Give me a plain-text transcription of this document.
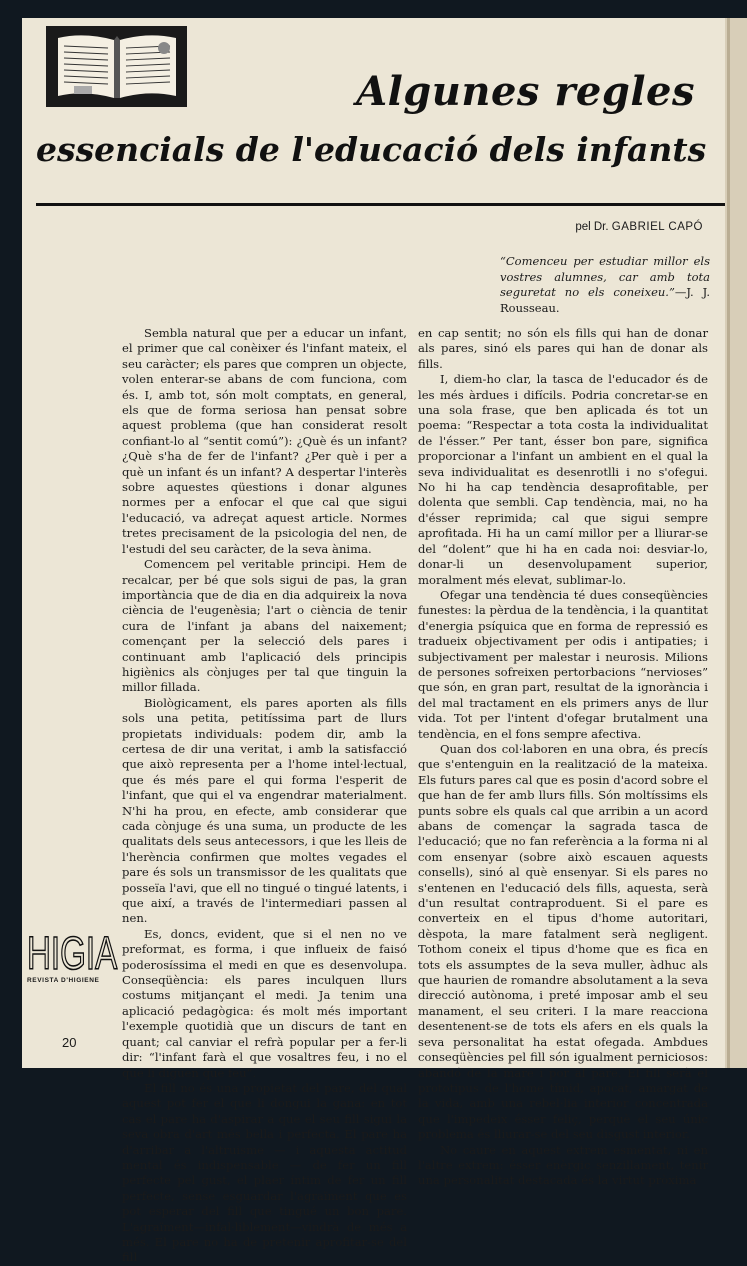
Algunes regles
essencials de l'educació dels infants
pel Dr. GABRIEL CAPÓ
“Comenceu per estudiar millor els vostres alumnes, car amb tota seguretat no els coneixeu.”—J. J. Rousseau.

Sembla natural que per a educar un infant, el primer que cal conèixer és l'infant mateix, el seu caràcter; els pares que compren un objecte, volen enterar-se abans de com funciona, com és. I, amb tot, són molt comptats, en general, els que de forma seriosa han pensat sobre aquest problema (que han considerat resolt confiant-lo al “sentit comú”): ¿Què és un infant? ¿Què s'ha de fer de l'infant? ¿Per què i per a què un infant és un infant? A despertar l'interès sobre aquestes qüestions i donar algunes normes per a enfocar el que cal que sigui l'educació, va adreçat aquest article. Normes tretes precisament de la psicologia del nen, de l'estudi del seu caràcter, de la seva ànima.

Comencem pel veritable principi. Hem de recalcar, per bé que sols sigui de pas, la gran importància que de dia en dia adquireix la nova ciència de l'eugenèsia; l'art o ciència de tenir cura de l'infant ja abans del naixement; començant per la selecció dels pares i continuant amb l'aplicació dels principis higiènics als cònjuges per tal que tinguin la millor fillada.

Biològicament, els pares aporten als fills sols una petita, petitíssima part de llurs propietats individuals: podem dir, amb la certesa de dir una veritat, i amb la satisfacció que això representa per a l'home intel·lectual, que és més pare el qui forma l'esperit de l'infant, que qui el va engendrar materialment. N'hi ha prou, en efecte, amb considerar que cada cònjuge és una suma, un producte de les qualitats dels seus antecessors, i que les lleis de l'herència confirmen que moltes vegades el pare és sols un transmissor de les qualitats que posseïa l'avi, que ell no tingué o tingué latents, i que així, a través de l'intermediari passen al nen.

Es, doncs, evident, que si el nen no ve preformat, es forma, i que influeix de faisó poderosíssima el medi en que es desenvolupa. Conseqüència: els pares inculquen llurs costums mitjançant el medi. Ja tenim una aplicació pedagògica: és molt més important l'exemple quotidià que un discurs de tant en quant; cal canviar el refrà popular per a fer-li dir: “l'infant farà el que vosaltres feu, i no el que li diguen que feu”.

El fill no és una propietat del pare, del qual aquest pot fer el que li dongui la gana: en tot cas el pare ha d'aspirar a que el seu fill sigui la seva obra d'art més bella i perfecta. El pare ha d'arribar a l'altruisme — i aquesta actitud mental és indispensable — de fer un fill perfecte pel gust, el plaer íntim de fer un fill perfecte, sense esguardar l'agraïment que es pot esperar del fill que tingué un bon pare. L'agraïment—infal·liblement—vindrà de més a més. El pare no ha de pretenir aprofitar-se del fill

en cap sentit; no són els fills qui han de donar als pares, sinó els pares qui han de donar als fills.

I, diem-ho clar, la tasca de l'educador és de les més àrdues i difícils. Podria concretar-se en una sola frase, que ben aplicada és tot un poema: “Respectar a tota costa la individualitat de l'ésser.” Per tant, ésser bon pare, significa proporcionar a l'infant un ambient en el qual la seva individualitat es desenrotlli i no s'ofegui. No hi ha cap tendència desaprofitable, per dolenta que sembli. Cap tendència, mai, no ha d'ésser reprimida; cal que sigui sempre aprofitada. Hi ha un camí millor per a lliurar-se del “dolent” que hi ha en cada noi: desviar-lo, donar-li un desenvolupament superior, moralment més elevat, sublimar-lo.

Ofegar una tendència té dues conseqüències funestes: la pèrdua de la tendència, i la quantitat d'energia psíquica que en forma de repressió es tradueix objectivament per odis i antipaties; i subjectivament per malestar i neurosis. Milions de persones sofreixen pertorbacions “nervioses” que són, en gran part, resultat de la ignorància i del mal tractament en els primers anys de llur vida. Tot per l'intent d'ofegar brutalment una tendència, en el fons sempre afectiva.

Quan dos col·laboren en una obra, és precís que s'entenguin en la realització de la mateixa. Els futurs pares cal que es posin d'acord sobre el que han de fer amb llurs fills. Són moltíssims els punts sobre els quals cal que arribin a un acord abans de començar la sagrada tasca de l'educació; que no fan referència a la forma ni al com ensenyar (sobre això escauen aquests consells), sinó al què ensenyar. Si els pares no s'entenen en l'educació dels fills, aquesta, serà d'un resultat contraproduent. Si el pare es converteix en el tipus d'home autoritari, dèspota, la mare fatalment serà negligent. Tothom coneix el tipus d'home que es fica en tots els assumptes de la seva muller, àdhuc als que haurien de romandre absolutament a la seva direcció autònoma, i preté imposar amb el seu manament, el seu criteri. I la mare reacciona desentenent-se de tots els afers en els quals la seva personalitat ha estat ofegada. Ambdues conseqüències pel fill són igualment perniciosos: abandó de la mare i por al pare. El fill serà el prototipus de l'home tímid, apocat, amargat de la vida, amb una rebel·lia interior concentrada que l'impedeix ésser feliç, perquè el seu únic problema és lliurar-se del seu disgust interior.

No caure en aquest extrem esmentat, ni en l'altre extrem: ésser enèrgic senzillament, tenir una personalitat destacada és la virtut pròxima

HIGIA
REVISTA D'HIGIENE
20
